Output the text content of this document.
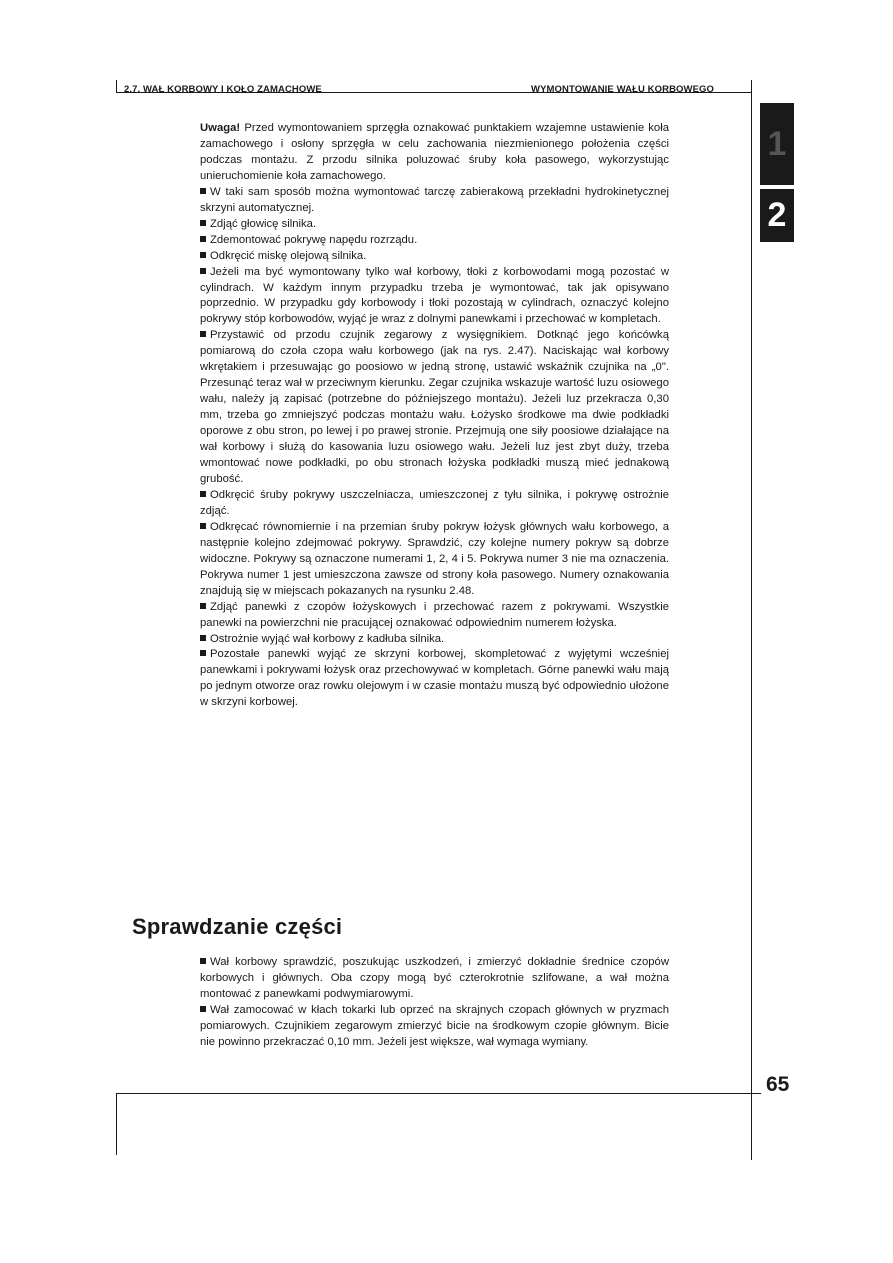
2.7. WAŁ KORBOWY I KOŁO ZAMACHOWE	WYMONTOWANIE WAŁU KORBOWEGO
1
2
65

Uwaga! Przed wymontowaniem sprzęgła oznakować punktakiem wzajemne ustawienie koła zamachowego i osłony sprzęgła w celu zachowania niezmienionego położenia części podczas montażu. Z przodu silnika poluzować śruby koła pasowego, wykorzystując unieruchomienie koła zamachowego.

W taki sam sposób można wymontować tarczę zabierakową przekładni hydrokinetycznej skrzyni automatycznej.

Zdjąć głowicę silnika.

Zdemontować pokrywę napędu rozrządu.

Odkręcić miskę olejową silnika.

Jeżeli ma być wymontowany tylko wał korbowy, tłoki z korbowodami mogą pozostać w cylindrach. W każdym innym przypadku trzeba je wymontować, tak jak opisywano poprzednio. W przypadku gdy korbowody i tłoki pozostają w cylindrach, oznaczyć kolejno pokrywy stóp korbowodów, wyjąć je wraz z dolnymi panewkami i przechować w kompletach.

Przystawić od przodu czujnik zegarowy z wysięgnikiem. Dotknąć jego końcówką pomiarową do czoła czopa wału korbowego (jak na rys. 2.47). Naciskając wał korbowy wkrętakiem i przesuwając go poosiowo w jedną stronę, ustawić wskaźnik czujnika na „0". Przesunąć teraz wał w przeciwnym kierunku. Zegar czujnika wskazuje wartość luzu osiowego wału, należy ją zapisać (potrzebne do późniejszego montażu). Jeżeli luz przekracza 0,30 mm, trzeba go zmniejszyć podczas montażu wału. Łożysko środkowe ma dwie podkładki oporowe z obu stron, po lewej i po prawej stronie. Przejmują one siły poosiowe działające na wał korbowy i służą do kasowania luzu osiowego wału. Jeżeli luz jest zbyt duży, trzeba wmontować nowe podkładki, po obu stronach łożyska podkładki muszą mieć jednakową grubość.

Odkręcić śruby pokrywy uszczelniacza, umieszczonej z tyłu silnika, i pokrywę ostrożnie zdjąć.

Odkręcać równomiernie i na przemian śruby pokryw łożysk głównych wału korbowego, a następnie kolejno zdejmować pokrywy. Sprawdzić, czy kolejne numery pokryw są dobrze widoczne. Pokrywy są oznaczone numerami 1, 2, 4 i 5. Pokrywa numer 3 nie ma oznaczenia. Pokrywa numer 1 jest umieszczona zawsze od strony koła pasowego. Numery oznakowania znajdują się w miejscach pokazanych na rysunku 2.48.

Zdjąć panewki z czopów łożyskowych i przechować razem z pokrywami. Wszystkie panewki na powierzchni nie pracującej oznakować odpowiednim numerem łożyska.

Ostrożnie wyjąć wał korbowy z kadłuba silnika.

Pozostałe panewki wyjąć ze skrzyni korbowej, skompletować z wyjętymi wcześniej panewkami i pokrywami łożysk oraz przechowywać w kompletach. Górne panewki wału mają po jednym otworze oraz rowku olejowym i w czasie montażu muszą być odpowiednio ułożone w skrzyni korbowej.

Sprawdzanie części

Wał korbowy sprawdzić, poszukując uszkodzeń, i zmierzyć dokładnie średnice czopów korbowych i głównych. Oba czopy mogą być czterokrotnie szlifowane, a wał można montować z panewkami podwymiarowymi.

Wał zamocować w kłach tokarki lub oprzeć na skrajnych czopach głównych w pryzmach pomiarowych. Czujnikiem zegarowym zmierzyć bicie na środkowym czopie głównym. Bicie nie powinno przekraczać 0,10 mm. Jeżeli jest większe, wał wymaga wymiany.
